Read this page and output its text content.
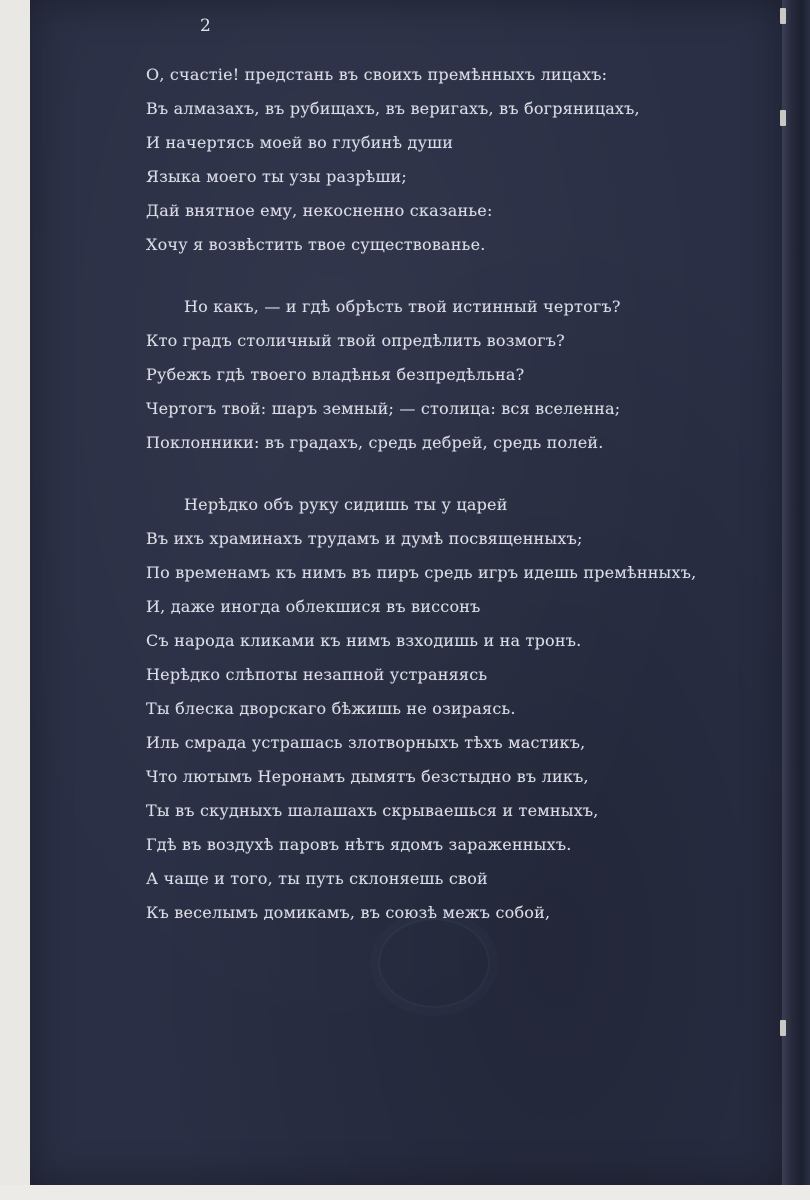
2
О, счастіе! предстань въ своихъ премѣнныхъ лицахъ:
Въ алмазахъ, въ рубищахъ, въ веригахъ, въ богряницахъ,
И начертясь моей во глубинѣ души
Языка моего ты узы разрѣши;
Дай внятное ему, некосненно сказанье:
Хочу я возвѣстить твое существованье.
Но какъ, — и гдѣ обрѣсть твой истинный чертогъ?
Кто градъ столичный твой опредѣлить возмогъ?
Рубежъ гдѣ твоего владѣнья безпредѣльна?
Чертогъ твой: шаръ земный; — столица: вся вселенна;
Поклонники: въ градахъ, средь дебрей, средь полей.
Нерѣдко объ руку сидишь ты у царей
Въ ихъ храминахъ трудамъ и думѣ посвященныхъ;
По временамъ къ нимъ въ пиръ средь игръ идешь премѣнныхъ,
И, даже иногда облекшися въ виссонъ
Съ народа кликами къ нимъ взходишь и на тронъ.
Нерѣдко слѣпоты незапной устраняясь
Ты блеска дворскаго бѣжишь не озираясь.
Иль смрада устрашась злотворныхъ тѣхъ мастикъ,
Что лютымъ Неронамъ дымятъ безстыдно въ ликъ,
Ты въ скудныхъ шалашахъ скрываешься и темныхъ,
Гдѣ въ воздухѣ паровъ нѣтъ ядомъ зараженныхъ.
А чаще и того, ты путь склоняешь свой
Къ веселымъ домикамъ, въ союзѣ межъ собой,
